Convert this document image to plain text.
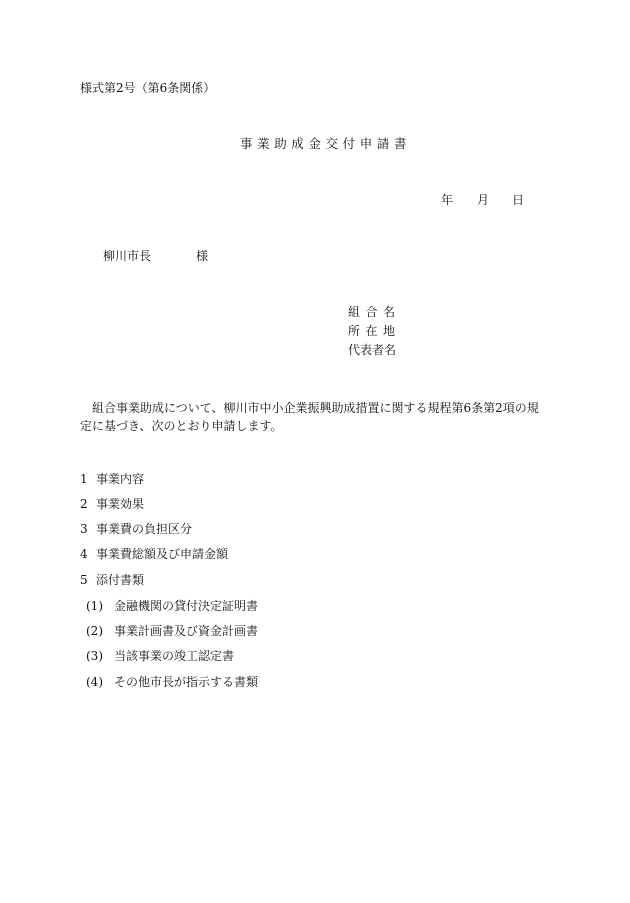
様式第2号（第6条関係）
事業助成金交付申請書
年 月 日
柳川市長	様
組合名
所在地
代表者名
組合事業助成について、柳川市中小企業振興助成措置に関する規程第6条第2項の規定に基づき、次のとおり申請します。
1 事業内容
2 事業効果
3 事業費の負担区分
4 事業費総額及び申請金額
5 添付書類
(1) 金融機関の貸付決定証明書
(2) 事業計画書及び資金計画書
(3) 当該事業の竣工認定書
(4) その他市長が指示する書類
